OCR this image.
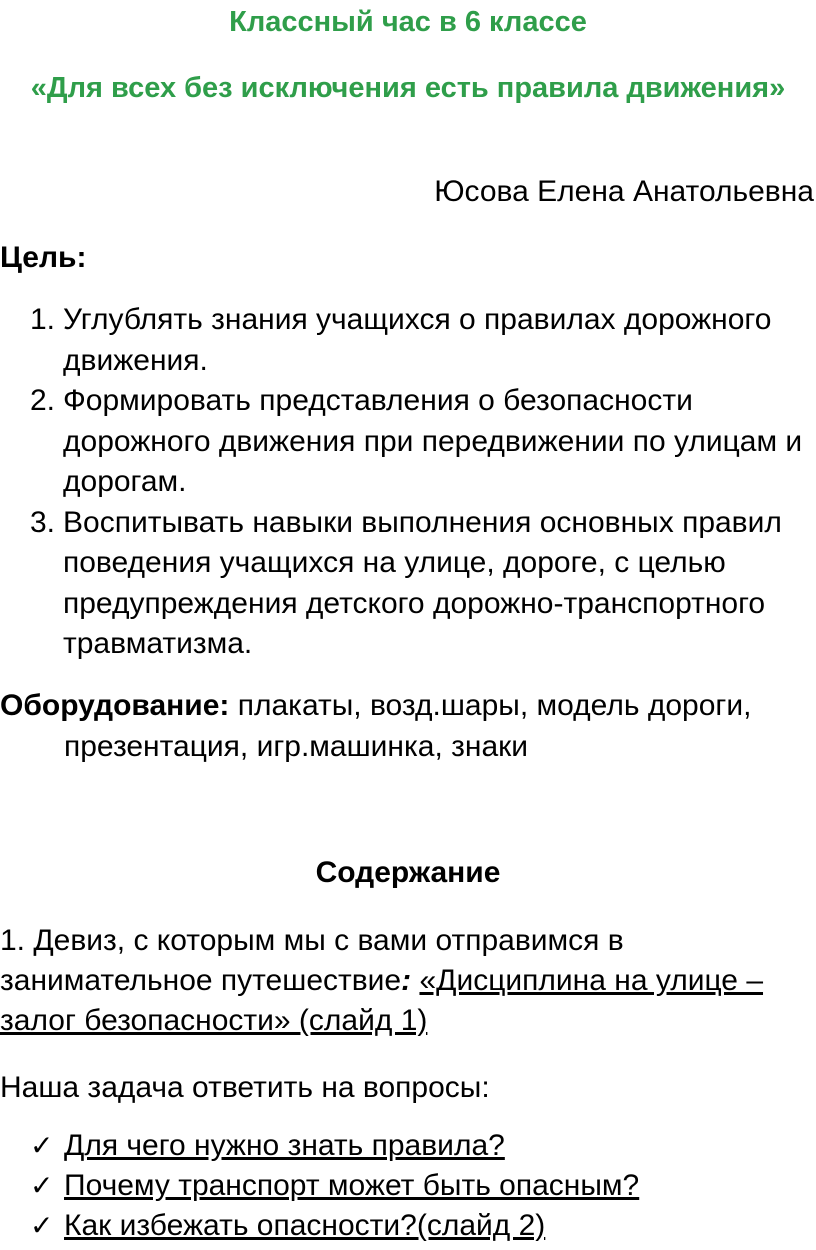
Классный час в 6 классе
«Для всех без исключения есть правила движения»
Юсова Елена Анатольевна
Цель:
1. Углублять знания учащихся о правилах дорожного движения.
2. Формировать представления о безопасности дорожного движения при передвижении по улицам и дорогам.
3. Воспитывать навыки выполнения основных правил поведения учащихся на улице, дороге, с целью предупреждения детского дорожно-транспортного травматизма.
Оборудование: плакаты, возд.шары, модель дороги, презентация, игр.машинка, знаки
Содержание
1. Девиз, с которым мы с вами отправимся в занимательное путешествие: «Дисциплина на улице –залог безопасности» (слайд 1)
Наша задача ответить на вопросы:
✓ Для чего нужно знать правила?
✓ Почему транспорт может быть опасным?
✓ Как избежать опасности?(слайд 2)
